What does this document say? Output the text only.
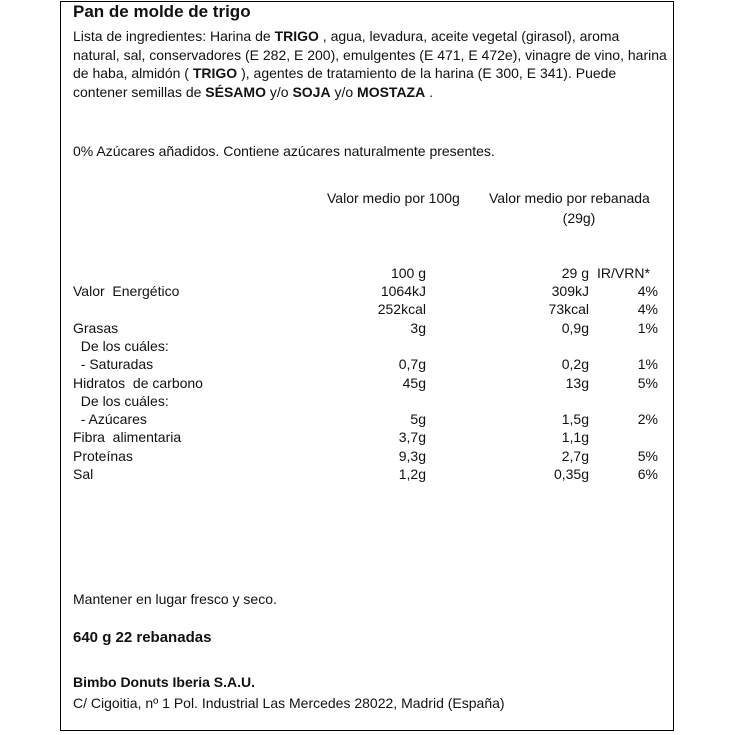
Pan de molde de trigo
Lista de ingredientes: Harina de TRIGO , agua, levadura, aceite vegetal (girasol), aroma natural, sal, conservadores (E 282, E 200), emulgentes (E 471, E 472e), vinagre de vino, harina de haba, almidón ( TRIGO ), agentes de tratamiento de la harina (E 300, E 341). Puede contener semillas de SÉSAMO y/o SOJA y/o MOSTAZA .
0% Azúcares añadidos. Contiene azúcares naturalmente presentes.
Valor medio por 100g Valor medio por rebanada
(29g)
100 g	29 g IR/VRN*
Valor  Energético	1064kJ	309kJ	4%
252kcal	73kcal	4%
Grasas	3g	0,9g	1%
De los cuáles:
- Saturadas	0,7g	0,2g	1%
Hidratos  de carbono	45g	13g	5%
De los cuáles:
- Azúcares	5g	1,5g	2%
Fibra  alimentaria	3,7g	1,1g
Proteínas	9,3g	2,7g	5%
Sal	1,2g	0,35g	6%
Mantener en lugar fresco y seco.
640 g 22 rebanadas
Bimbo Donuts Iberia S.A.U.
C/ Cigoitia, nº 1 Pol. Industrial Las Mercedes 28022, Madrid (España)
